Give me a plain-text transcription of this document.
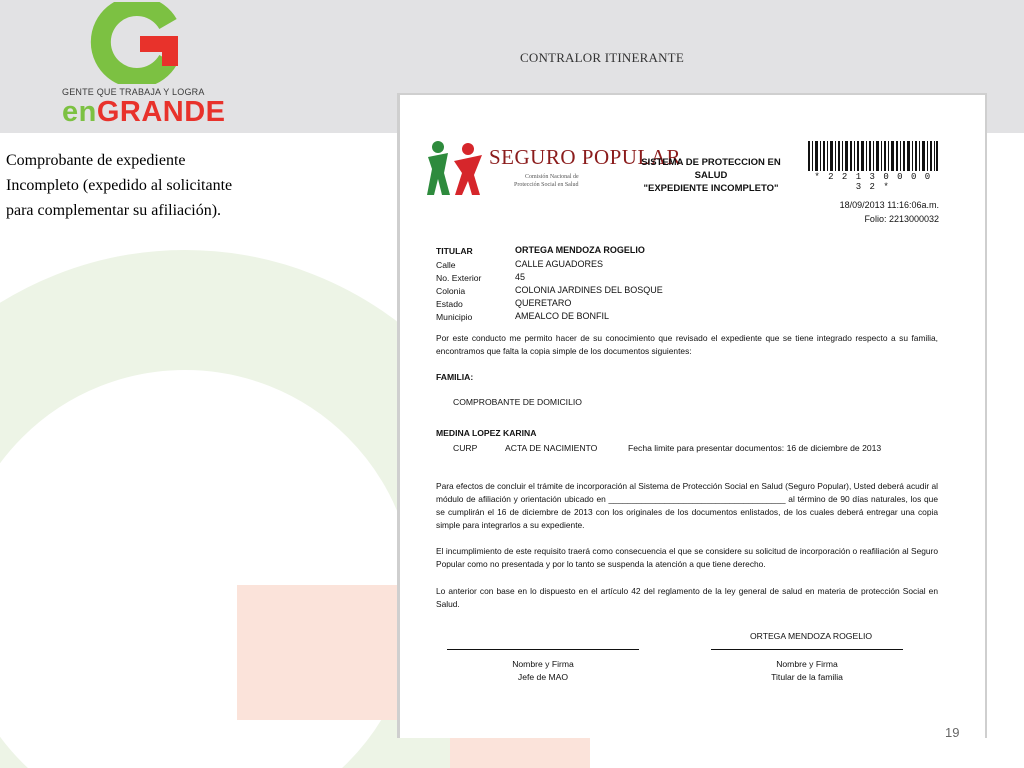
GENTE QUE TRABAJA Y LOGRA
enGRANDE
CONTRALOR ITINERANTE

Comprobante de expediente
Incompleto (expedido al solicitante
para complementar su afiliación).

SEGURO POPULAR
Comisión Nacional de
Protección Social en Salud
SISTEMA DE PROTECCION EN SALUD
"EXPEDIENTE INCOMPLETO"
* 2 2 1 3 0 0 0 0 3 2 *
18/09/2013 11:16:06a.m.
Folio: 2213000032
TITULAR	ORTEGA MENDOZA ROGELIO
Calle	CALLE AGUADORES
No. Exterior	45
Colonia	COLONIA JARDINES DEL BOSQUE
Estado	QUERETARO
Municipio	AMEALCO DE BONFIL
Por este conducto me permito hacer de su conocimiento que revisado el expediente que se tiene integrado respecto a su familia, encontramos que falta la copia simple de los documentos siguientes:
FAMILIA:
COMPROBANTE DE DOMICILIO
MEDINA LOPEZ KARINA
CURP	ACTA DE NACIMIENTO	Fecha limite para presentar documentos: 16 de diciembre de 2013
Para efectos de concluir el trámite de incorporación al Sistema de Protección Social en Salud (Seguro Popular), Usted deberá acudir al módulo de afiliación y orientación ubicado en ______________________________________ al término de 90 días naturales, los que se cumplirán el 16 de diciembre de 2013 con los originales de los documentos enlistados, de los cuales deberá entregar una copia simple para integrarlos a su expediente.
El incumplimiento de este requisito traerá como consecuencia el que se considere su solicitud de incorporación o reafiliación al Seguro Popular como no presentada y por lo tanto se suspenda la atención a que tiene derecho.
Lo anterior con base en lo dispuesto en el artículo 42 del reglamento de la ley general de salud en materia de protección Social en Salud.
ORTEGA MENDOZA ROGELIO
Nombre y Firma
Jefe de MAO
Nombre y Firma
Titular de la familia
19
